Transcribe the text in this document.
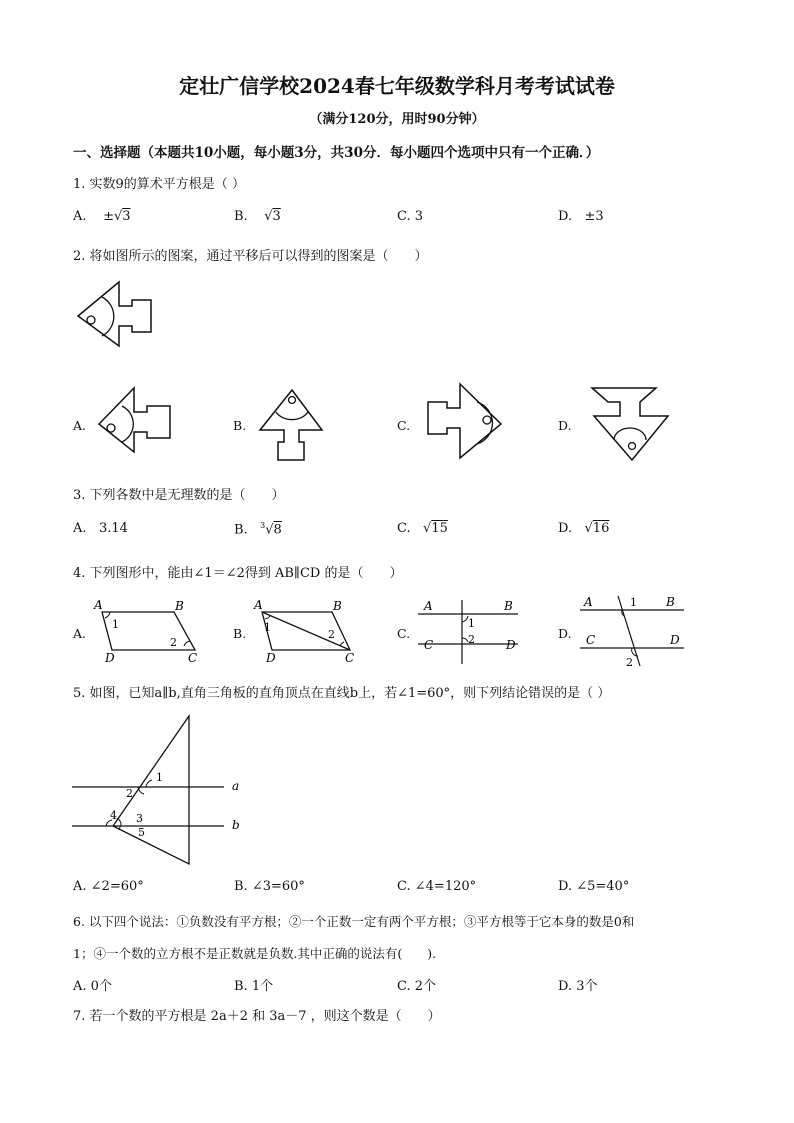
定壮广信学校2024春七年级数学科月考考试试卷
（满分120分，用时90分钟）
一、选择题（本题共10小题，每小题3分，共30分．每小题四个选项中只有一个正确．）
1. 实数9的算术平方根是（ ）
A. ±√3	B. √3	C. 3	D. ±3
2. 将如图所示的图案，通过平移后可以得到的图案是（　　）
A.	B.	C.	D.
3. 下列各数中是无理数的是（　　）
A. 3.14	B. $^3$√8	C. √15	D. √16
4. 下列图形中，能由∠1＝∠2得到 AB∥CD 的是（　　）
A.
A	B
D	C
1
2
B.
A	B
D	C
1
2	C.
A	B
C	D
1
2	D.
A	B
C	D
1
2
5. 如图，已知a∥b,直角三角板的直角顶点在直线b上，若∠1=60°，则下列结论错误的是（ ）
a
b
1
2
3
4
5
A. ∠2=60°	B. ∠3=60°	C. ∠4=120°	D. ∠5=40°
6. 以下四个说法：①负数没有平方根；②一个正数一定有两个平方根；③平方根等于它本身的数是0和
1；④一个数的立方根不是正数就是负数.其中正确的说法有(　　).
A. 0个	B. 1个	C. 2个	D. 3个
7. 若一个数的平方根是 2a＋2 和 3a－7 ，则这个数是（　　）
